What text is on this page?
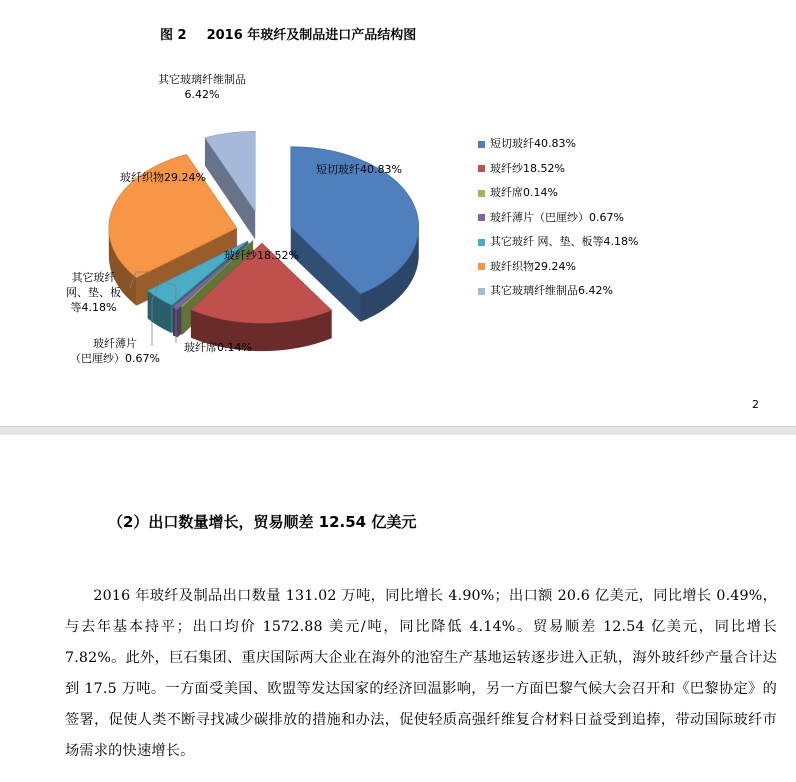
图 2 2016 年玻纤及制品进口产品结构图
短切玻纤40.83%
玻纤纱18.52%
玻纤织物29.24%
玻纤席0.14%
其它玻璃纤维制品
6.42%
其它玻纤
网、垫、板
等4.18%
玻纤薄片
（巴厘纱）0.67%
短切玻纤40.83%
玻纤纱18.52%
玻纤席0.14%
玻纤薄片（巴厘纱）0.67%
其它玻纤 网、垫、板等4.18%
玻纤织物29.24%
其它玻璃纤维制品6.42%
2
（2）出口数量增长，贸易顺差 12.54 亿美元
2016 年玻纤及制品出口数量 131.02 万吨，同比增长 4.90%；出口额 20.6 亿美元，同比增长 0.49%，与去年基本持平；出口均价 1572.88 美元/吨，同比降低 4.14%。贸易顺差 12.54 亿美元，同比增长 7.82%。此外，巨石集团、重庆国际两大企业在海外的池窑生产基地运转逐步进入正轨，海外玻纤纱产量合计达到 17.5 万吨。一方面受美国、欧盟等发达国家的经济回温影响，另一方面巴黎气候大会召开和《巴黎协定》的签署，促使人类不断寻找减少碳排放的措施和办法，促使轻质高强纤维复合材料日益受到追捧，带动国际玻纤市场需求的快速增长。
